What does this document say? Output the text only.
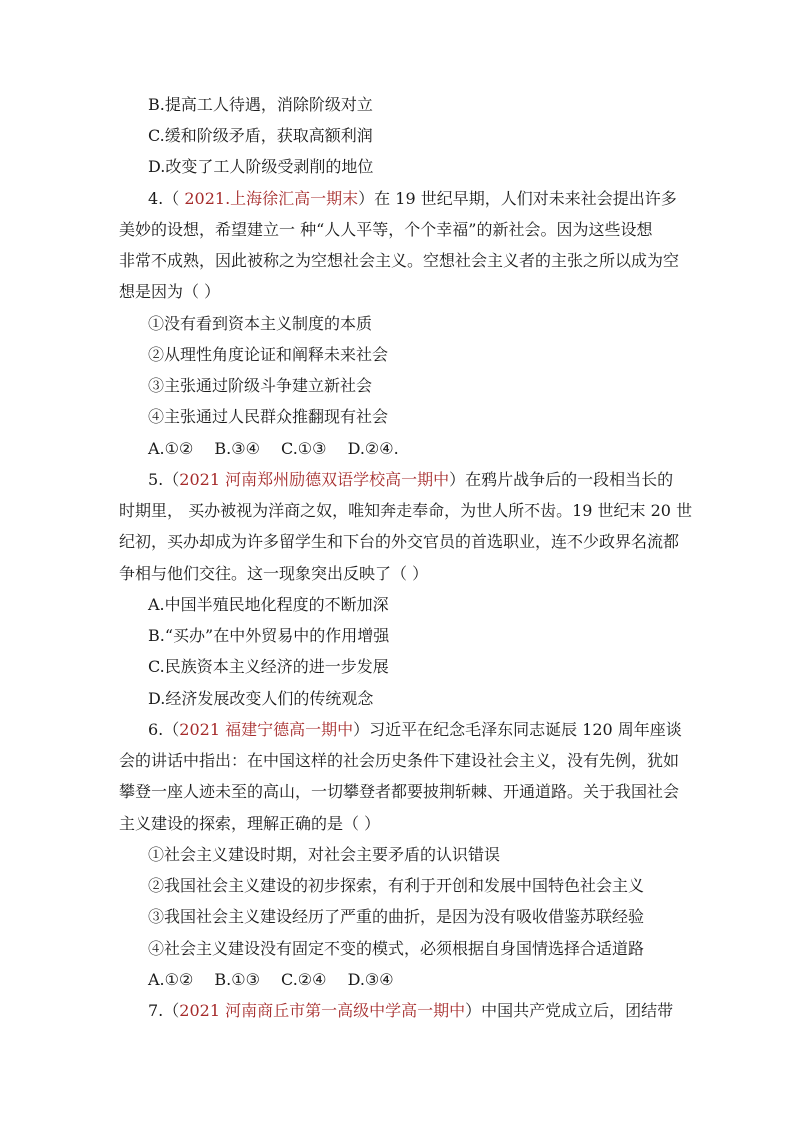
B.提高工人待遇，消除阶级对立
C.缓和阶级矛盾，获取高额利润
D.改变了工人阶级受剥削的地位
4.（ 2021.上海徐汇高一期末）在 19 世纪早期，人们对未来社会提出许多
美妙的设想，希望建立一 种“人人平等，个个幸福”的新社会。因为这些设想
非常不成熟，因此被称之为空想社会主义。空想社会主义者的主张之所以成为空
想是因为（ ）
①没有看到资本主义制度的本质
②从理性角度论证和阐释未来社会
③主张通过阶级斗争建立新社会
④主张通过人民群众推翻现有社会
A.①②　 B.③④　 C.①③　 D.②④.
5.（2021 河南郑州励德双语学校高一期中）在鸦片战争后的一段相当长的
时期里， 买办被视为洋商之奴，唯知奔走奉命，为世人所不齿。19 世纪末 20 世
纪初，买办却成为许多留学生和下台的外交官员的首选职业，连不少政界名流都
争相与他们交往。这一现象突出反映了（ ）
A.中国半殖民地化程度的不断加深
B.“买办”在中外贸易中的作用增强
C.民族资本主义经济的进一步发展
D.经济发展改变人们的传统观念
6.（2021 福建宁德高一期中）习近平在纪念毛泽东同志诞辰 120 周年座谈
会的讲话中指出：在中国这样的社会历史条件下建设社会主义，没有先例，犹如
攀登一座人迹未至的高山，一切攀登者都要披荆斩棘、开通道路。关于我国社会
主义建设的探索，理解正确的是（ ）
①社会主义建设时期，对社会主要矛盾的认识错误
②我国社会主义建设的初步探索，有利于开创和发展中国特色社会主义
③我国社会主义建设经历了严重的曲折，是因为没有吸收借鉴苏联经验
④社会主义建设没有固定不变的模式，必须根据自身国情选择合适道路
A.①②　 B.①③　 C.②④　 D.③④
7.（2021 河南商丘市第一高级中学高一期中）中国共产党成立后，团结带
